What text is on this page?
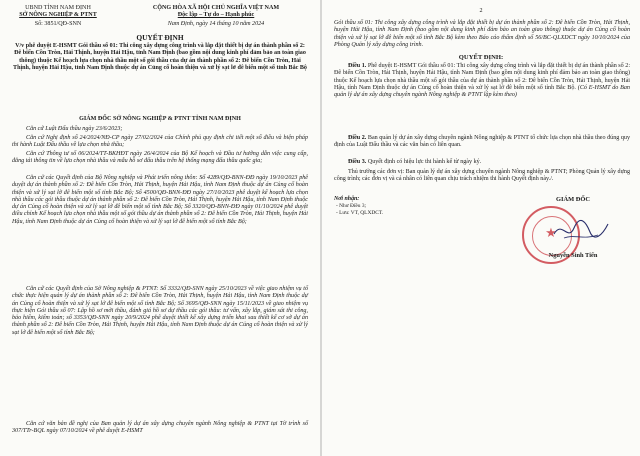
UBND TỈNH NAM ĐỊNH
SỞ NÔNG NGHIỆP & PTNT
Số: 3851/QĐ-SNN
CỘNG HÒA XÃ HỘI CHỦ NGHĨA VIỆT NAM
Độc lập – Tự do – Hạnh phúc
Nam Định, ngày 14 tháng 10 năm 2024
QUYẾT ĐỊNH
V/v phê duyệt E-HSMT Gói thầu số 01: Thi công xây dựng công trình và lắp đặt thiết bị dự án thành phần số 2: Đê biển Cồn Tròn, Hải Thịnh, huyện Hải Hậu, tỉnh Nam Định (bao gồm nội dung kinh phí đảm bảo an toàn giao thông) thuộc Kế hoạch lựa chọn nhà thầu một số gói thầu của dự án thành phần số 2: Đê biển Cồn Tròn, Hải Thịnh, huyện Hải Hậu, tỉnh Nam Định thuộc dự án Củng cố hoàn thiện và xử lý sạt lở đê biển một số tỉnh Bắc Bộ
GIÁM ĐỐC SỞ NÔNG NGHIỆP & PTNT TỈNH NAM ĐỊNH
Căn cứ Luật Đấu thầu ngày 23/6/2023;
Căn cứ Nghị định số 24/2024/NĐ-CP ngày 27/02/2024 của Chính phủ quy định chi tiết một số điều và biện pháp thi hành Luật Đấu thầu về lựa chọn nhà thầu;
Căn cứ Thông tư số 06/2024/TT-BKHĐT ngày 26/4/2024 của Bộ Kế hoạch và Đầu tư hướng dẫn việc cung cấp, đăng tải thông tin về lựa chọn nhà thầu và mẫu hồ sơ đấu thầu trên hệ thống mạng đấu thầu quốc gia;
Căn cứ các Quyết định của Bộ Nông nghiệp và Phát triển nông thôn: Số 4289/QĐ-BNN-ĐĐ ngày 19/10/2023 phê duyệt dự án thành phần số 2: Đê biển Cồn Tròn, Hải Thịnh, huyện Hải Hậu, tỉnh Nam Định thuộc dự án Củng cố hoàn thiện và xử lý sạt lở đê biển một số tỉnh Bắc Bộ; Số 4500/QĐ-BNN-ĐĐ ngày 27/10/2023 phê duyệt kế hoạch lựa chọn nhà thầu các gói thầu thuộc dự án thành phần số 2: Đê biển Cồn Tròn, Hải Thịnh, huyện Hải Hậu, tỉnh Nam Định thuộc dự án Củng cố hoàn thiện và xử lý sạt lở đê biển một số tỉnh Bắc Bộ; Số 3320/QĐ-BNN-ĐĐ ngày 01/10/2024 phê duyệt điều chỉnh Kế hoạch lựa chọn nhà thầu một số gói thầu dự án thành phần số 2: Đê biển Cồn Tròn, Hải Thịnh, huyện Hải Hậu, tỉnh Nam Định thuộc dự án Củng cố hoàn thiện và xử lý sạt lở đê biển một số tỉnh Bắc Bộ;
Căn cứ các Quyết định của Sở Nông nghiệp & PTNT: Số 3332/QĐ-SNN ngày 25/10/2023 về việc giao nhiệm vụ tổ chức thực hiện quản lý dự án thành phần số 2: Đê biển Cồn Tròn, Hải Thịnh, huyện Hải Hậu, tỉnh Nam Định thuộc dự án Củng cố hoàn thiện và xử lý sạt lở đê biển một số tỉnh Bắc Bộ; Số 3695/QĐ-SNN ngày 15/11/2023 về giao nhiệm vụ thực hiện Gói thầu số 07: Lập hồ sơ mời thầu, đánh giá hồ sơ dự thầu các gói thầu: tư vấn, xây lắp, giám sát thi công, bảo hiểm, kiểm toán; số 3353/QĐ-SNN ngày 20/9/2024 phê duyệt thiết kế xây dựng triển khai sau thiết kế cơ sở dự án thành phần số 2: Đê biển Cồn Tròn, Hải Thịnh, huyện Hải Hậu, tỉnh Nam Định thuộc dự án Củng cố hoàn thiện và xử lý sạt lở đê biển một số tỉnh Bắc Bộ;
Căn cứ văn bản đề nghị của Ban quản lý dự án xây dựng chuyên ngành Nông nghiệp & PTNT tại Tờ trình số 307/TTr-BQL ngày 07/10/2024 về phê duyệt E-HSMT
2
Gói thầu số 01: Thi công xây dựng công trình và lắp đặt thiết bị dự án thành phần số 2: Đê biển Cồn Tròn, Hải Thịnh, huyện Hải Hậu, tỉnh Nam Định (bao gồm nội dung kinh phí đảm bảo an toàn giao thông) thuộc dự án Củng cố hoàn thiện và xử lý sạt lở đê biển một số tỉnh Bắc Bộ kèm theo Báo cáo thẩm định số 56/BC-QLXDCT ngày 10/10/2024 của Phòng Quản lý xây dựng công trình.
QUYẾT ĐỊNH:
Điều 1. Phê duyệt E-HSMT Gói thầu số 01: Thi công xây dựng công trình và lắp đặt thiết bị dự án thành phần số 2: Đê biển Cồn Tròn, Hải Thịnh, huyện Hải Hậu, tỉnh Nam Định (bao gồm nội dung kinh phí đảm bảo an toàn giao thông) thuộc Kế hoạch lựa chọn nhà thầu một số gói thầu của dự án thành phần số 2: Đê biển Cồn Tròn, Hải Thịnh, huyện Hải Hậu, tỉnh Nam Định thuộc dự án Củng cố hoàn thiện và xử lý sạt lở đê biển một số tỉnh Bắc Bộ. (Có E-HSMT do Ban quản lý dự án xây dựng chuyên ngành Nông nghiệp & PTNT lập kèm theo)
Điều 2. Ban quản lý dự án xây dựng chuyên ngành Nông nghiệp & PTNT tổ chức lựa chọn nhà thầu theo đúng quy định của Luật Đấu thầu và các văn bản có liên quan.
Điều 3. Quyết định có hiệu lực thi hành kể từ ngày ký.
Thủ trưởng các đơn vị: Ban quản lý dự án xây dựng chuyên ngành Nông nghiệp & PTNT; Phòng Quản lý xây dựng công trình; các đơn vị và cá nhân có liên quan chịu trách nhiệm thi hành Quyết định này./.
Nơi nhận:
- Như Điều 3;
- Lưu: VT, QLXDCT.
GIÁM ĐỐC
★
Nguyễn Sinh Tiến
